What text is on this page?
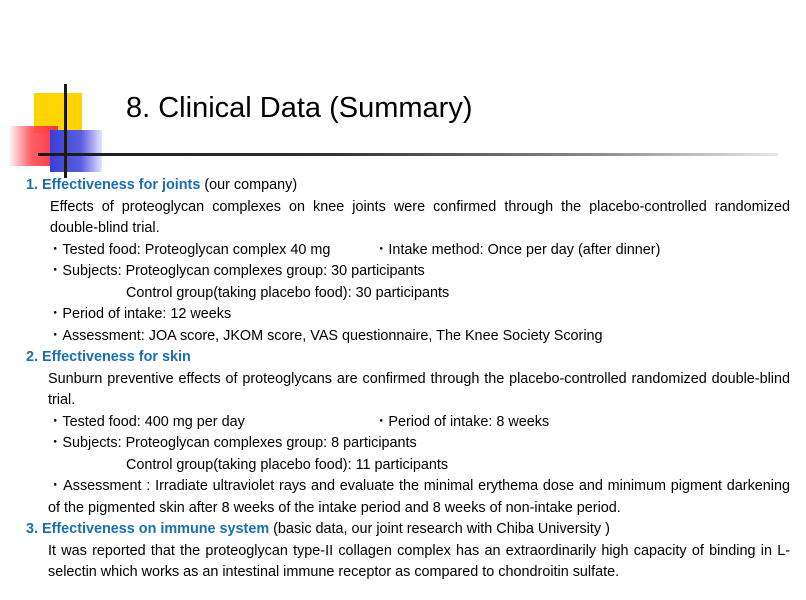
8. Clinical Data (Summary)
1. Effectiveness for joints (our company)
Effects of proteoglycan complexes on knee joints were confirmed through the placebo-controlled randomized double-blind trial.
・Tested food: Proteoglycan complex 40 mg	・Intake method: Once per day (after dinner)
・Subjects: Proteoglycan complexes group: 30 participants
Control group(taking placebo food): 30 participants
・Period of intake: 12 weeks
・Assessment: JOA score, JKOM score, VAS questionnaire, The Knee Society Scoring
2. Effectiveness for skin
Sunburn preventive effects of proteoglycans are confirmed through the placebo-controlled randomized double-blind trial.
・Tested food: 400 mg per day	・Period of intake: 8 weeks
・Subjects: Proteoglycan complexes group: 8 participants
Control group(taking placebo food): 11 participants
・Assessment : Irradiate ultraviolet rays and evaluate the minimal erythema dose and minimum pigment darkening of the pigmented skin after 8 weeks of the intake period and 8 weeks of non-intake period.
3. Effectiveness on immune system (basic data, our joint research with Chiba University )
It was reported that the proteoglycan type-II collagen complex has an extraordinarily high capacity of binding in L-selectin which works as an intestinal immune receptor as compared to chondroitin sulfate.
